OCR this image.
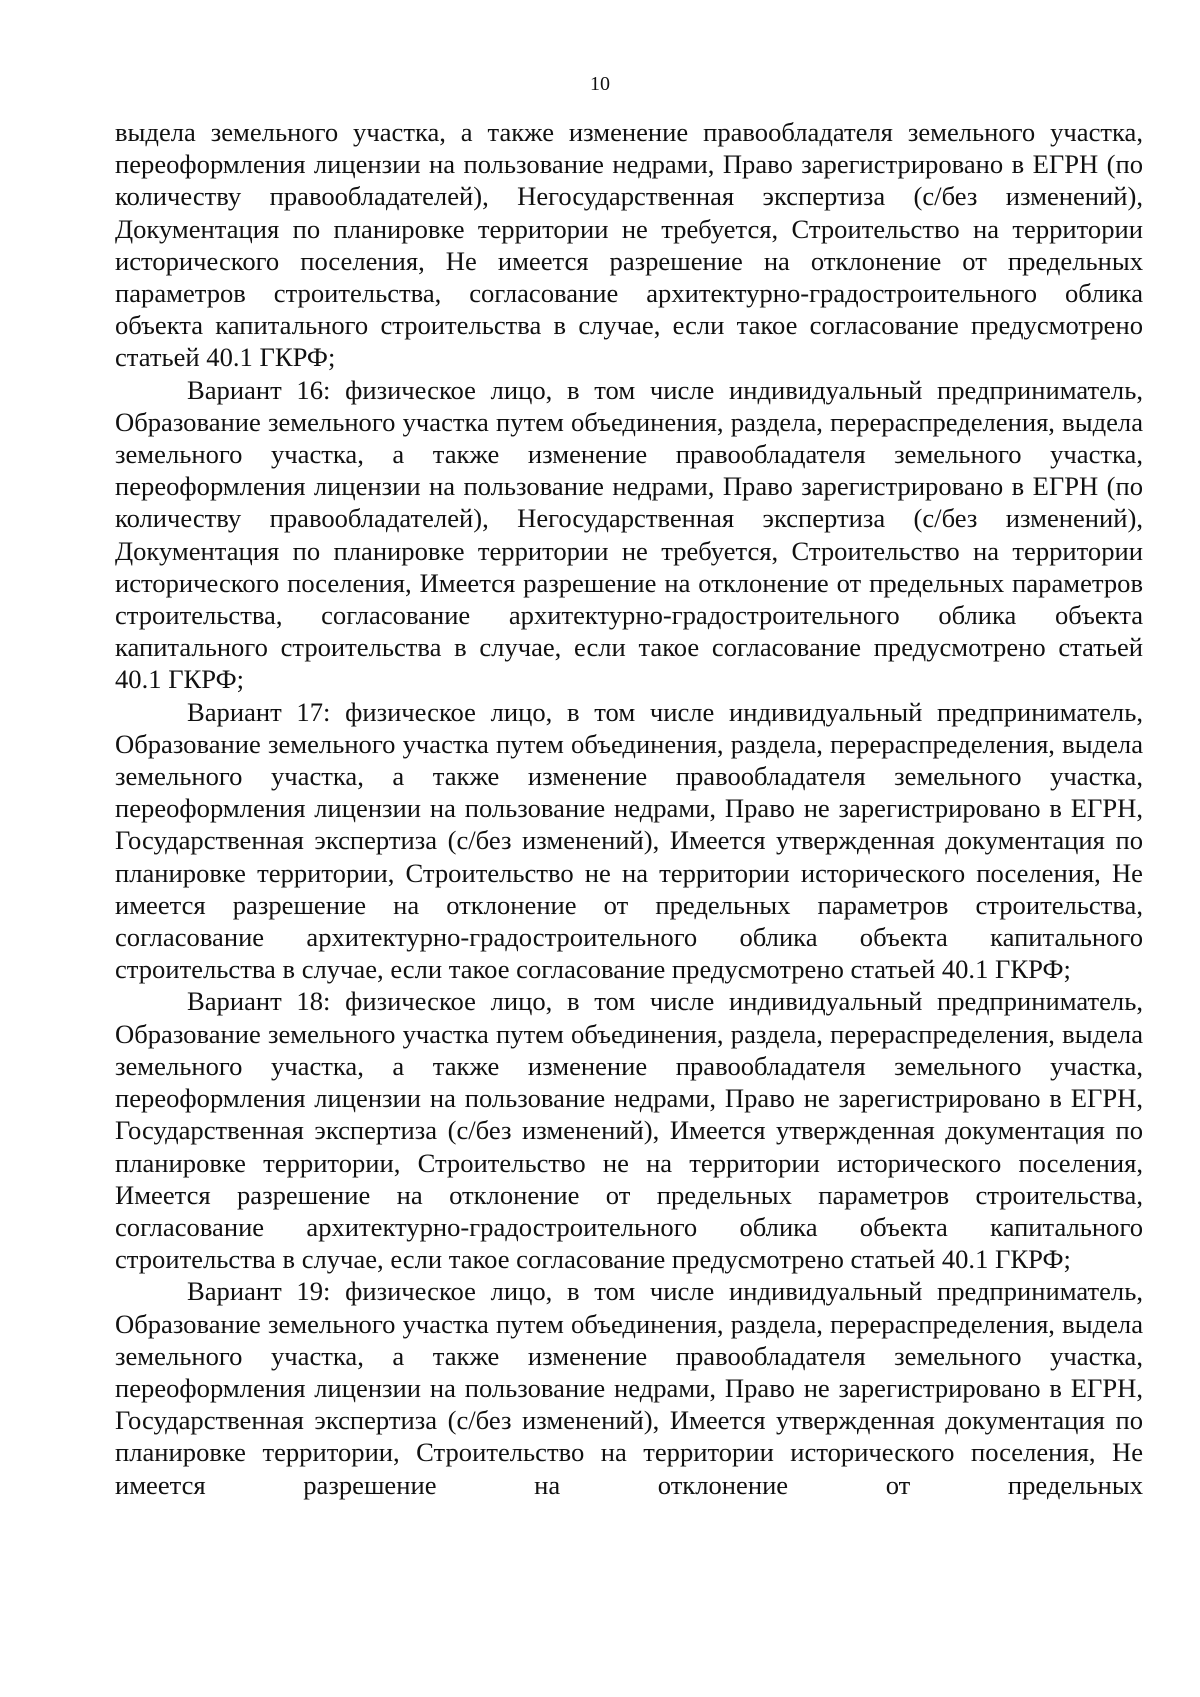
10

выдела земельного участка, а также изменение правообладателя земельного участка, переоформления лицензии на пользование недрами, Право зарегистрировано в ЕГРН (по количеству правообладателей), Негосударственная экспертиза (с/без изменений), Документация по планировке территории не требуется, Строительство на территории исторического поселения, Не имеется разрешение на отклонение от предельных параметров строительства, согласование архитектурно-градостроительного облика объекта капитального строительства в случае, если такое согласование предусмотрено статьей 40.1 ГКРФ;

Вариант 16: физическое лицо, в том числе индивидуальный предприниматель, Образование земельного участка путем объединения, раздела, перераспределения, выдела земельного участка, а также изменение правообладателя земельного участка, переоформления лицензии на пользование недрами, Право зарегистрировано в ЕГРН (по количеству правообладателей), Негосударственная экспертиза (с/без изменений), Документация по планировке территории не требуется, Строительство на территории исторического поселения, Имеется разрешение на отклонение от предельных параметров строительства, согласование архитектурно-градостроительного облика объекта капитального строительства в случае, если такое согласование предусмотрено статьей 40.1 ГКРФ;

Вариант 17: физическое лицо, в том числе индивидуальный предприниматель, Образование земельного участка путем объединения, раздела, перераспределения, выдела земельного участка, а также изменение правообладателя земельного участка, переоформления лицензии на пользование недрами, Право не зарегистрировано в ЕГРН, Государственная экспертиза (с/без изменений), Имеется утвержденная документация по планировке территории, Строительство не на территории исторического поселения, Не имеется разрешение на отклонение от предельных параметров строительства, согласование архитектурно-градостроительного облика объекта капитального строительства в случае, если такое согласование предусмотрено статьей 40.1 ГКРФ;

Вариант 18: физическое лицо, в том числе индивидуальный предприниматель, Образование земельного участка путем объединения, раздела, перераспределения, выдела земельного участка, а также изменение правообладателя земельного участка, переоформления лицензии на пользование недрами, Право не зарегистрировано в ЕГРН, Государственная экспертиза (с/без изменений), Имеется утвержденная документация по планировке территории, Строительство не на территории исторического поселения, Имеется разрешение на отклонение от предельных параметров строительства, согласование архитектурно-градостроительного облика объекта капитального строительства в случае, если такое согласование предусмотрено статьей 40.1 ГКРФ;

Вариант 19: физическое лицо, в том числе индивидуальный предприниматель, Образование земельного участка путем объединения, раздела, перераспределения, выдела земельного участка, а также изменение правообладателя земельного участка, переоформления лицензии на пользование недрами, Право не зарегистрировано в ЕГРН, Государственная экспертиза (с/без изменений), Имеется утвержденная документация по планировке территории, Строительство на территории исторического поселения, Не имеется разрешение на отклонение от предельных
